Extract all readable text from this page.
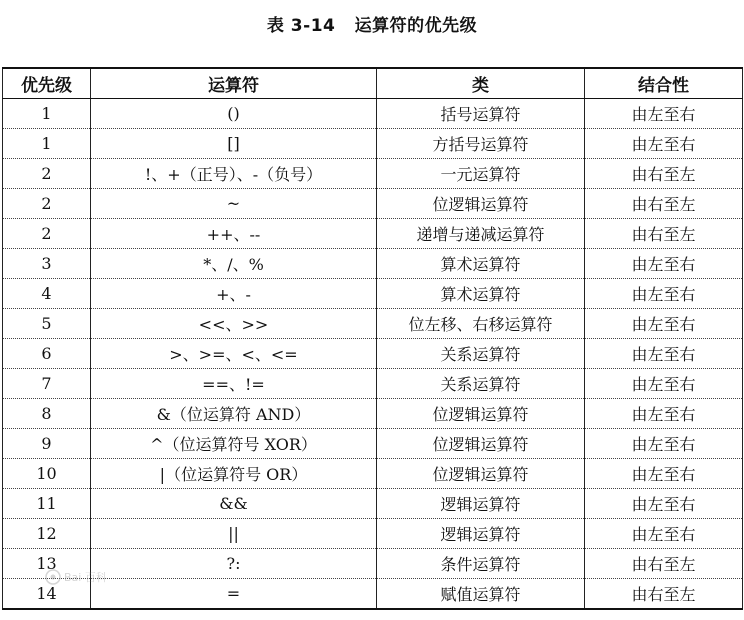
表 3-14   运算符的优先级
优先级	运算符	类	结合性
1	()	括号运算符	由左至右
1	[]	方括号运算符	由左至右
2	!、+（正号）、-（负号）	一元运算符	由右至左
2	~	位逻辑运算符	由右至左
2	++、--	递增与递减运算符	由右至左
3	*、/、%	算术运算符	由左至右
4	+、-	算术运算符	由左至右
5	<<、>>	位左移、右移运算符	由左至右
6	>、>=、<、<=	关系运算符	由左至右
7	==、!=	关系运算符	由左至右
8	&（位运算符 AND）	位逻辑运算符	由左至右
9	^（位运算符号 XOR）	位逻辑运算符	由左至右
10	|（位运算符号 OR）	位逻辑运算符	由左至右
11	&&	逻辑运算符	由左至右
12	||	逻辑运算符	由左至右
13	?:	条件运算符	由右至左
14	=	赋值运算符	由右至左
Bai 百科
